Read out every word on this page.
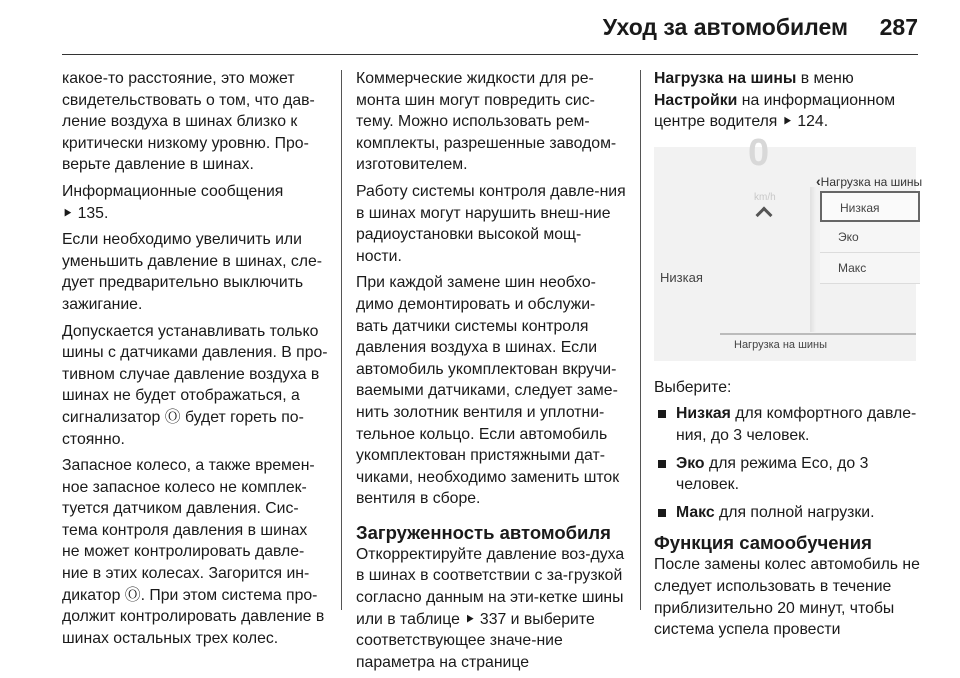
Уход за автомобилем 287

какое-то расстояние, это может свидетельствовать о том, что дав-ление воздуха в шинах близко к критически низкому уровню. Про-верьте давление в шинах.

Информационные сообщения
⯈ 135.

Если необходимо увеличить или уменьшить давление в шинах, сле-дует предварительно выключить зажигание.

Допускается устанавливать только шины с датчиками давления. В про-тивном случае давление воздуха в шинах не будет отображаться, а сигнализатор Ⓞ будет гореть по-стоянно.

Запасное колесо, а также времен-ное запасное колесо не комплек-туется датчиком давления. Сис-тема контроля давления в шинах не может контролировать давле-ние в этих колесах. Загорится ин-дикатор Ⓞ. При этом система про-должит контролировать давление в шинах остальных трех колес.

Коммерческие жидкости для ре-монта шин могут повредить сис-тему. Можно использовать рем-комплекты, разрешенные заводом-изготовителем.

Работу системы контроля давле-ния в шинах могут нарушить внеш-ние радиоустановки высокой мощ-ности.

При каждой замене шин необхо-димо демонтировать и обслужи-вать датчики системы контроля давления воздуха в шинах. Если автомобиль укомплектован вкручи-ваемыми датчиками, следует заме-нить золотник вентиля и уплотни-тельное кольцо. Если автомобиль укомплектован пристяжными дат-чиками, необходимо заменить шток вентиля в сборе.

Загруженность автомобиля

Откорректируйте давление воз-духа в шинах в соответствии с за-грузкой согласно данным на эти-кетке шины или в таблице ⯈ 337 и выберите соответствующее значе-ние параметра на странице

Нагрузка на шины в меню
Настройки на информационном центре водителя ⯈ 124.

0
km/h
‹Нагрузка на шины
Низкая
Эко
Макс
Низкая
Нагрузка на шины

Выберите:

Низкая для комфортного давле-ния, до 3 человек.
Эко для режима Eco, до 3 человек.
Макс для полной нагрузки.
Функция самообучения

После замены колес автомобиль не следует использовать в течение приблизительно 20 минут, чтобы система успела провести
